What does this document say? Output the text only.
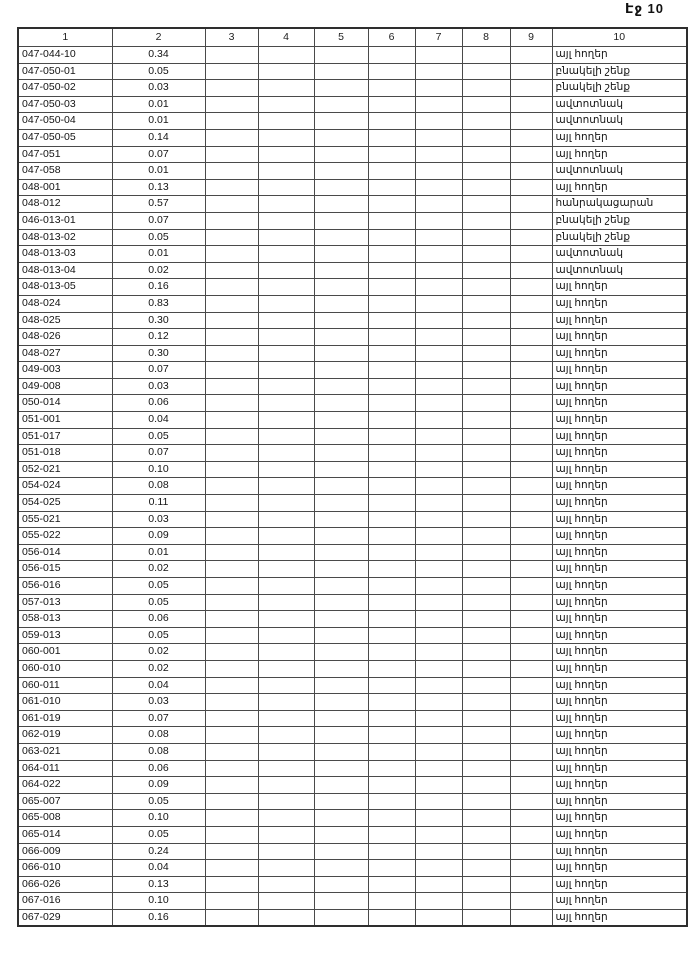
Էջ 10
1	2	3	4	5	6	7	8	9	10
047-044-10	0.34								այլ հողեր
047-050-01	0.05								բնակելի շենք
047-050-02	0.03								բնակելի շենք
047-050-03	0.01								ավտոտնակ
047-050-04	0.01								ավտոտնակ
047-050-05	0.14								այլ հողեր
047-051	0.07								այլ հողեր
047-058	0.01								ավտոտնակ
048-001	0.13								այլ հողեր
048-012	0.57								հանրակացարան
046-013-01	0.07								բնակելի շենք
048-013-02	0.05								բնակելի շենք
048-013-03	0.01								ավտոտնակ
048-013-04	0.02								ավտոտնակ
048-013-05	0.16								այլ հողեր
048-024	0.83								այլ հողեր
048-025	0.30								այլ հողեր
048-026	0.12								այլ հողեր
048-027	0.30								այլ հողեր
049-003	0.07								այլ հողեր
049-008	0.03								այլ հողեր
050-014	0.06								այլ հողեր
051-001	0.04								այլ հողեր
051-017	0.05								այլ հողեր
051-018	0.07								այլ հողեր
052-021	0.10								այլ հողեր
054-024	0.08								այլ հողեր
054-025	0.11								այլ հողեր
055-021	0.03								այլ հողեր
055-022	0.09								այլ հողեր
056-014	0.01								այլ հողեր
056-015	0.02								այլ հողեր
056-016	0.05								այլ հողեր
057-013	0.05								այլ հողեր
058-013	0.06								այլ հողեր
059-013	0.05								այլ հողեր
060-001	0.02								այլ հողեր
060-010	0.02								այլ հողեր
060-011	0.04								այլ հողեր
061-010	0.03								այլ հողեր
061-019	0.07								այլ հողեր
062-019	0.08								այլ հողեր
063-021	0.08								այլ հողեր
064-011	0.06								այլ հողեր
064-022	0.09								այլ հողեր
065-007	0.05								այլ հողեր
065-008	0.10								այլ հողեր
065-014	0.05								այլ հողեր
066-009	0.24								այլ հողեր
066-010	0.04								այլ հողեր
066-026	0.13								այլ հողեր
067-016	0.10								այլ հողեր
067-029	0.16								այլ հողեր
